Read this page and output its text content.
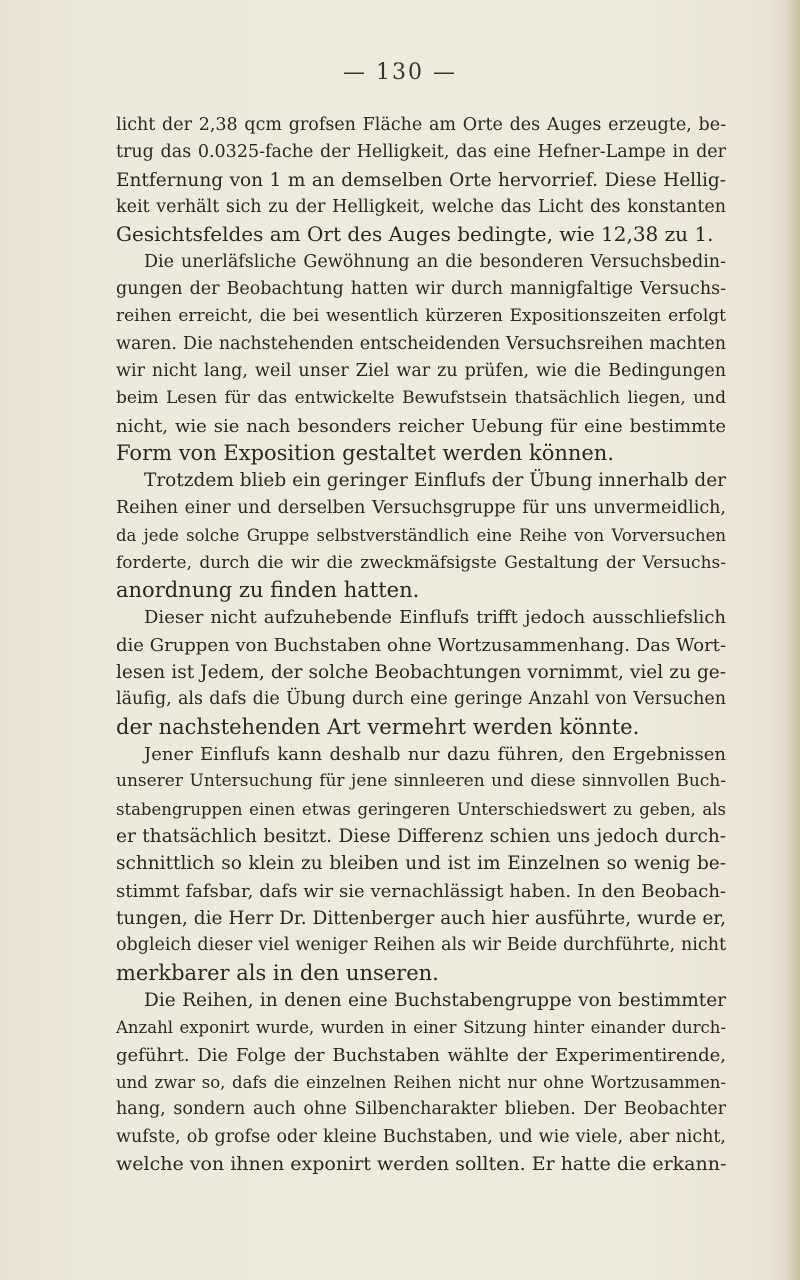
— 130 —
licht der 2,38 qcm grofsen Fläche am Orte des Auges erzeugte, be-
trug das 0.0325-fache der Helligkeit, das eine Hefner-Lampe in der
Entfernung von 1 m an demselben Orte hervorrief. Diese Hellig-
keit verhält sich zu der Helligkeit, welche das Licht des konstanten
Gesichtsfeldes am Ort des Auges bedingte, wie 12,38 zu 1.
Die unerläfsliche Gewöhnung an die besonderen Versuchsbedin-
gungen der Beobachtung hatten wir durch mannigfaltige Versuchs-
reihen erreicht, die bei wesentlich kürzeren Expositionszeiten erfolgt
waren. Die nachstehenden entscheidenden Versuchsreihen machten
wir nicht lang, weil unser Ziel war zu prüfen, wie die Bedingungen
beim Lesen für das entwickelte Bewufstsein thatsächlich liegen, und
nicht, wie sie nach besonders reicher Uebung für eine bestimmte
Form von Exposition gestaltet werden können.
Trotzdem blieb ein geringer Einflufs der Übung innerhalb der
Reihen einer und derselben Versuchsgruppe für uns unvermeidlich,
da jede solche Gruppe selbstverständlich eine Reihe von Vorversuchen
forderte, durch die wir die zweckmäfsigste Gestaltung der Versuchs-
anordnung zu finden hatten.
Dieser nicht aufzuhebende Einflufs trifft jedoch ausschliefslich
die Gruppen von Buchstaben ohne Wortzusammenhang. Das Wort-
lesen ist Jedem, der solche Beobachtungen vornimmt, viel zu ge-
läufig, als dafs die Übung durch eine geringe Anzahl von Versuchen
der nachstehenden Art vermehrt werden könnte.
Jener Einflufs kann deshalb nur dazu führen, den Ergebnissen
unserer Untersuchung für jene sinnleeren und diese sinnvollen Buch-
stabengruppen einen etwas geringeren Unterschiedswert zu geben, als
er thatsächlich besitzt. Diese Differenz schien uns jedoch durch-
schnittlich so klein zu bleiben und ist im Einzelnen so wenig be-
stimmt fafsbar, dafs wir sie vernachlässigt haben. In den Beobach-
tungen, die Herr Dr. Dittenberger auch hier ausführte, wurde er,
obgleich dieser viel weniger Reihen als wir Beide durchführte, nicht
merkbarer als in den unseren.
Die Reihen, in denen eine Buchstabengruppe von bestimmter
Anzahl exponirt wurde, wurden in einer Sitzung hinter einander durch-
geführt. Die Folge der Buchstaben wählte der Experimentirende,
und zwar so, dafs die einzelnen Reihen nicht nur ohne Wortzusammen-
hang, sondern auch ohne Silbencharakter blieben. Der Beobachter
wufste, ob grofse oder kleine Buchstaben, und wie viele, aber nicht,
welche von ihnen exponirt werden sollten. Er hatte die erkann-
